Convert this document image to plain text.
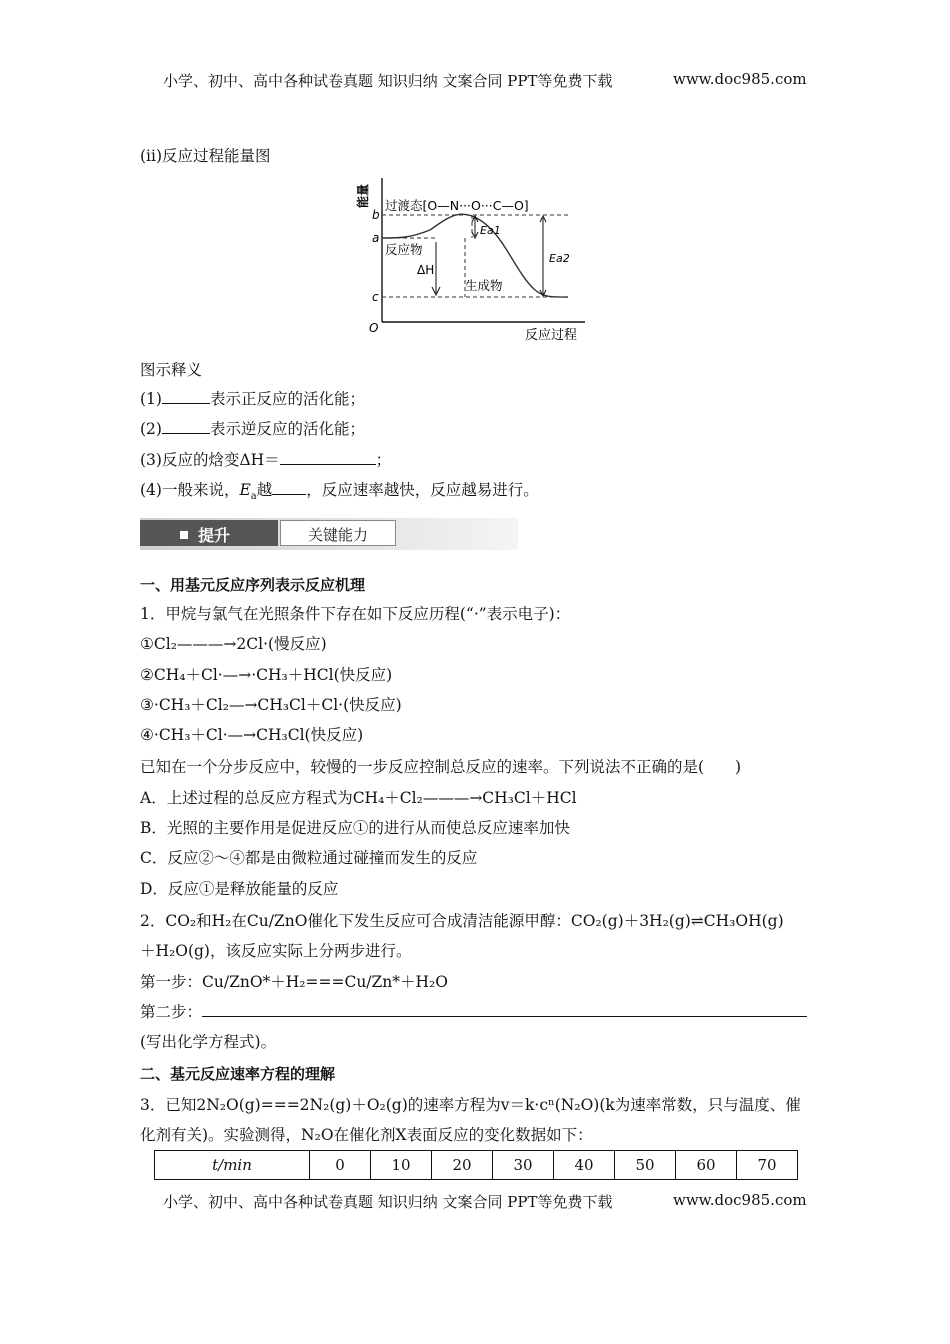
小学、初中、高中各种试卷真题 知识归纳 文案合同 PPT等免费下载	www.doc985.com
(ⅱ)反应过程能量图
能量
b
a
c
O
过渡态[O—N···O···C—O]
反应物
生成物
ΔH
Ea1
Ea2
反应过程
图示释义
(1)	表示正反应的活化能；
(2)	表示逆反应的活化能；
(3)反应的焓变ΔH＝	；
(4)一般来说，$E_a$越 ，反应速率越快，反应越易进行。
提升	关键能力
一、用基元反应序列表示反应机理
1．甲烷与氯气在光照条件下存在如下反应历程(“·”表示电子)：
①Cl₂———→2Cl·(慢反应)
②CH₄＋Cl·—→·CH₃＋HCl(快反应)
③·CH₃＋Cl₂—→CH₃Cl＋Cl·(快反应)
④·CH₃＋Cl·—→CH₃Cl(快反应)
已知在一个分步反应中，较慢的一步反应控制总反应的速率。下列说法不正确的是(　　)
A．上述过程的总反应方程式为CH₄＋Cl₂———→CH₃Cl＋HCl
B．光照的主要作用是促进反应①的进行从而使总反应速率加快
C．反应②～④都是由微粒通过碰撞而发生的反应
D．反应①是释放能量的反应
2．CO₂和H₂在Cu/ZnO催化下发生反应可合成清洁能源甲醇：CO₂(g)＋3H₂(g)⇌CH₃OH(g)
＋H₂O(g)，该反应实际上分两步进行。
第一步：Cu/ZnO*＋H₂===Cu/Zn*＋H₂O
第二步：
(写出化学方程式)。
二、基元反应速率方程的理解
3．已知2N₂O(g)===2N₂(g)＋O₂(g)的速率方程为v＝k·cⁿ(N₂O)(k为速率常数，只与温度、催
化剂有关)。实验测得，N₂O在催化剂X表面反应的变化数据如下：
t/min	0	10	20	30	40	50	60	70
小学、初中、高中各种试卷真题 知识归纳 文案合同 PPT等免费下载	www.doc985.com
